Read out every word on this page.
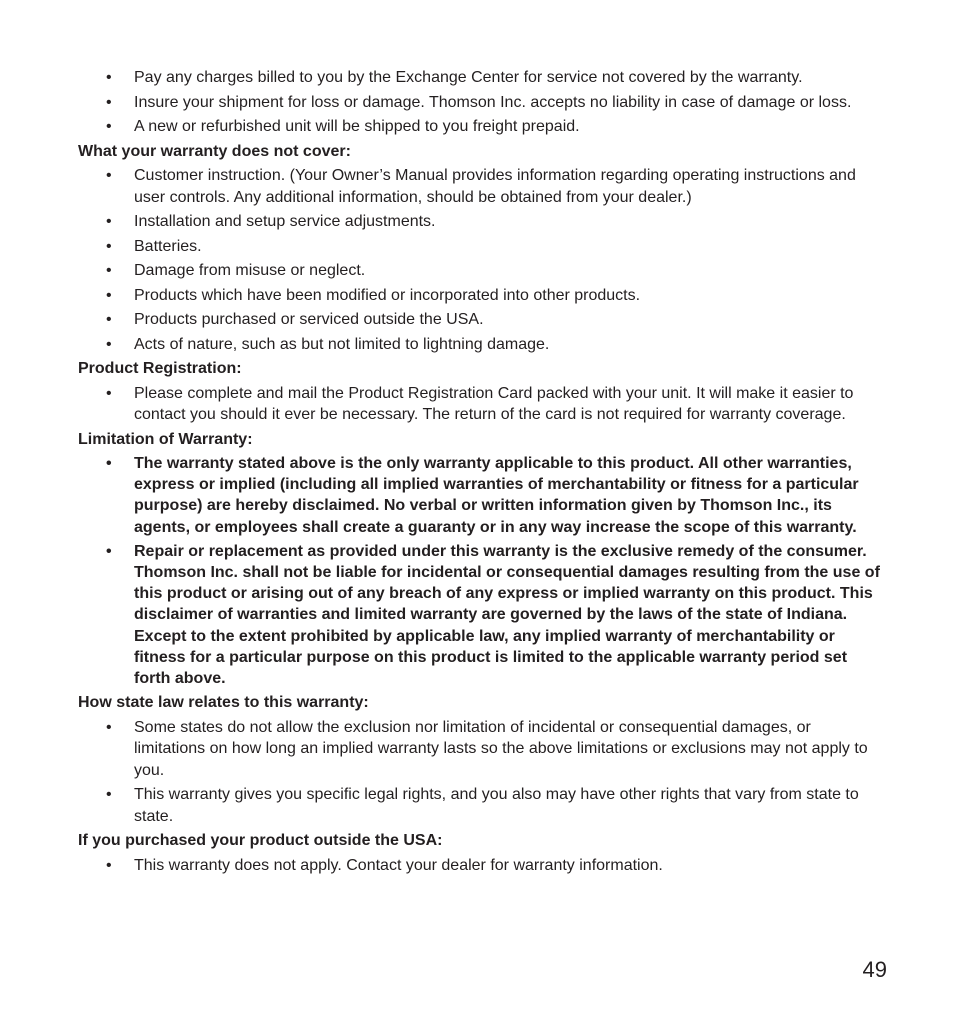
• Pay any charges billed to you by the Exchange Center for service not covered by the warranty.
• Insure your shipment for loss or damage. Thomson Inc. accepts no liability in case of damage or loss.
• A new or refurbished unit will be shipped to you freight prepaid.
What your warranty does not cover:
• Customer instruction. (Your Owner’s Manual provides information regarding operating instructions and user controls. Any additional information, should be obtained from your dealer.)
• Installation and setup service adjustments.
• Batteries.
• Damage from misuse or neglect.
• Products which have been modified or incorporated into other products.
• Products purchased or serviced outside the USA.
• Acts of nature, such as but not limited to lightning damage.
Product Registration:
• Please complete and mail the Product Registration Card packed with your unit. It will make it easier to contact you should it ever be necessary. The return of the card is not required for warranty coverage.
Limitation of Warranty:
• The warranty stated above is the only warranty applicable to this product. All other warranties, express or implied (including all implied warranties of merchantability or fitness for a particular purpose) are hereby disclaimed. No verbal or written information given by Thomson Inc., its agents, or employees shall create a guaranty or in any way increase the scope of this warranty.
• Repair or replacement as provided under this warranty is the exclusive remedy of the consumer. Thomson Inc. shall not be liable for incidental or consequential damages resulting from the use of this product or arising out of any breach of any express or implied warranty on this product. This disclaimer of warranties and limited warranty are governed by the laws of the state of Indiana. Except to the extent prohibited by applicable law, any implied warranty of merchantability or fitness for a particular purpose on this product is limited to the applicable warranty period set forth above.
How state law relates to this warranty:
• Some states do not allow the exclusion nor limitation of incidental or consequential damages, or limitations on how long an implied warranty lasts so the above limitations or exclusions may not apply to you.
• This warranty gives you specific legal rights, and you also may have other rights that vary from state to state.
If you purchased your product outside the USA:
• This warranty does not apply. Contact your dealer for warranty information.
49
